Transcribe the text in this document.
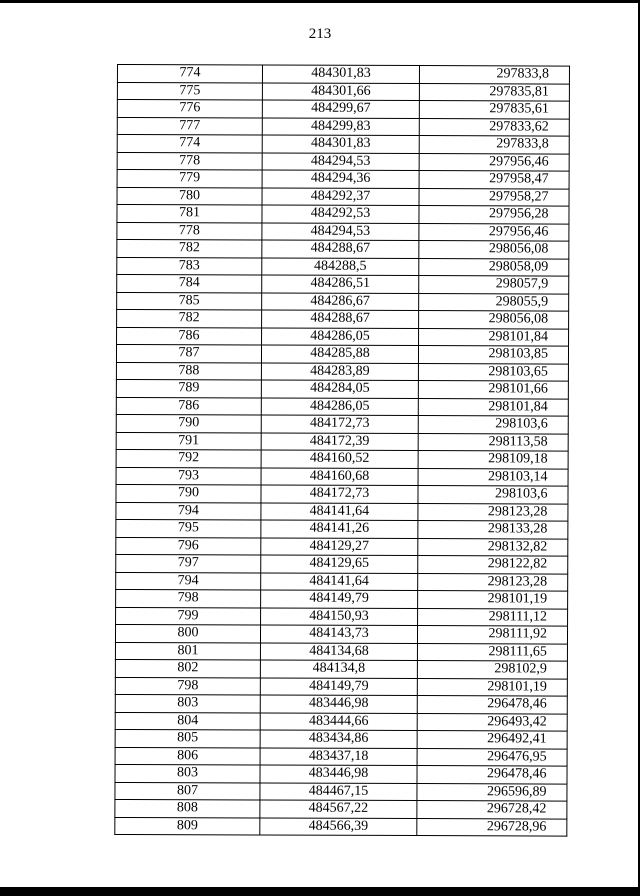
213
774	484301,83	297833,8
775	484301,66	297835,81
776	484299,67	297835,61
777	484299,83	297833,62
774	484301,83	297833,8
778	484294,53	297956,46
779	484294,36	297958,47
780	484292,37	297958,27
781	484292,53	297956,28
778	484294,53	297956,46
782	484288,67	298056,08
783	484288,5	298058,09
784	484286,51	298057,9
785	484286,67	298055,9
782	484288,67	298056,08
786	484286,05	298101,84
787	484285,88	298103,85
788	484283,89	298103,65
789	484284,05	298101,66
786	484286,05	298101,84
790	484172,73	298103,6
791	484172,39	298113,58
792	484160,52	298109,18
793	484160,68	298103,14
790	484172,73	298103,6
794	484141,64	298123,28
795	484141,26	298133,28
796	484129,27	298132,82
797	484129,65	298122,82
794	484141,64	298123,28
798	484149,79	298101,19
799	484150,93	298111,12
800	484143,73	298111,92
801	484134,68	298111,65
802	484134,8	298102,9
798	484149,79	298101,19
803	483446,98	296478,46
804	483444,66	296493,42
805	483434,86	296492,41
806	483437,18	296476,95
803	483446,98	296478,46
807	484467,15	296596,89
808	484567,22	296728,42
809	484566,39	296728,96
